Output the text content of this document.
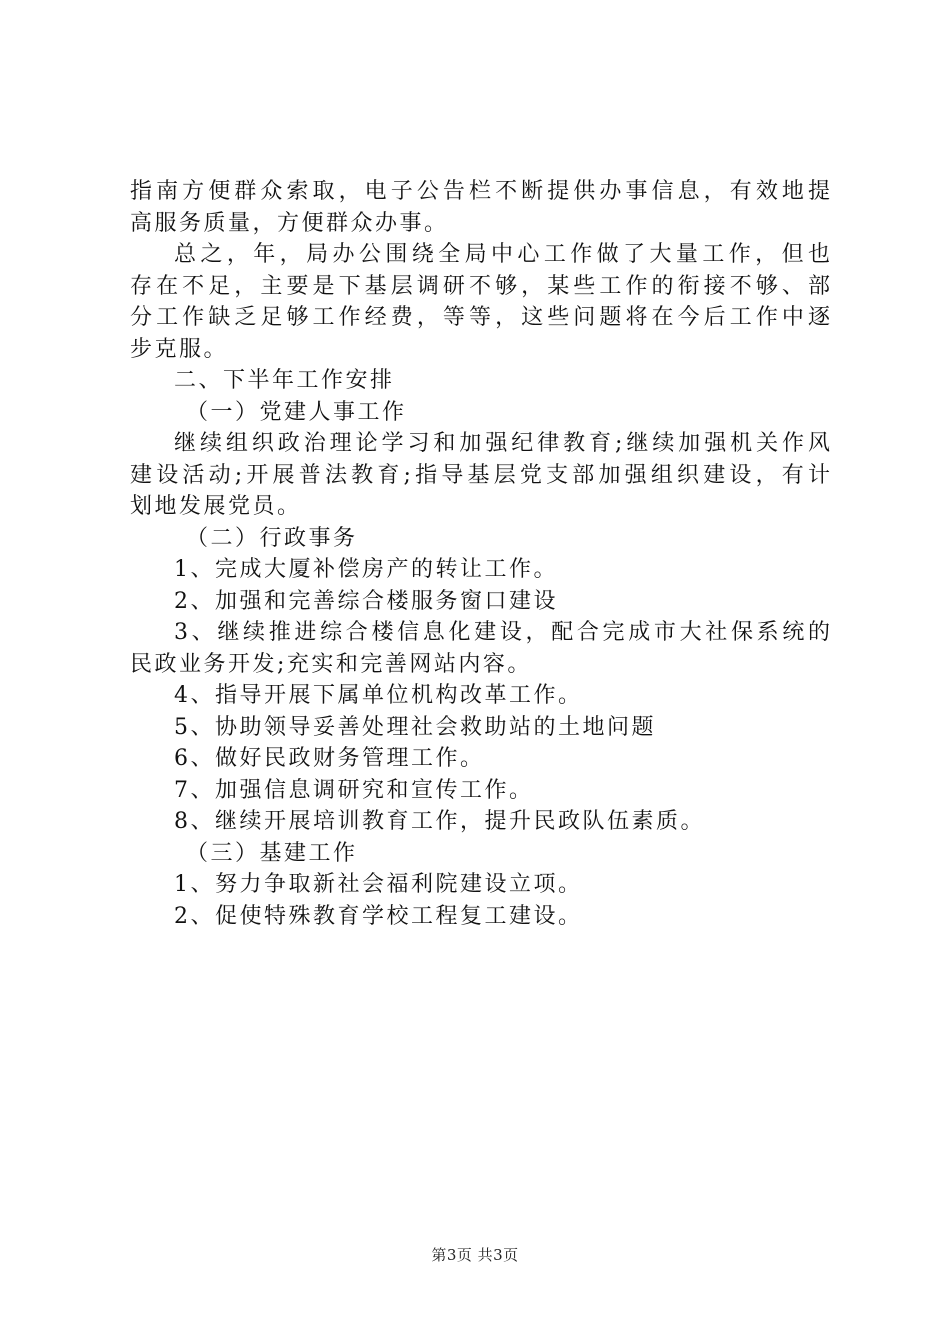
指南方便群众索取，电子公告栏不断提供办事信息，有效地提
高服务质量，方便群众办事。
总之，年，局办公围绕全局中心工作做了大量工作，但也
存在不足，主要是下基层调研不够，某些工作的衔接不够、部
分工作缺乏足够工作经费，等等，这些问题将在今后工作中逐
步克服。
二、下半年工作安排
（一）党建人事工作
继续组织政治理论学习和加强纪律教育;继续加强机关作风
建设活动;开展普法教育;指导基层党支部加强组织建设，有计
划地发展党员。
（二）行政事务
1、完成大厦补偿房产的转让工作。
2、加强和完善综合楼服务窗口建设
3、继续推进综合楼信息化建设，配合完成市大社保系统的
民政业务开发;充实和完善网站内容。
4、指导开展下属单位机构改革工作。
5、协助领导妥善处理社会救助站的土地问题
6、做好民政财务管理工作。
7、加强信息调研究和宣传工作。
8、继续开展培训教育工作，提升民政队伍素质。
（三）基建工作
1、努力争取新社会福利院建设立项。
2、促使特殊教育学校工程复工建设。
第3页 共3页
